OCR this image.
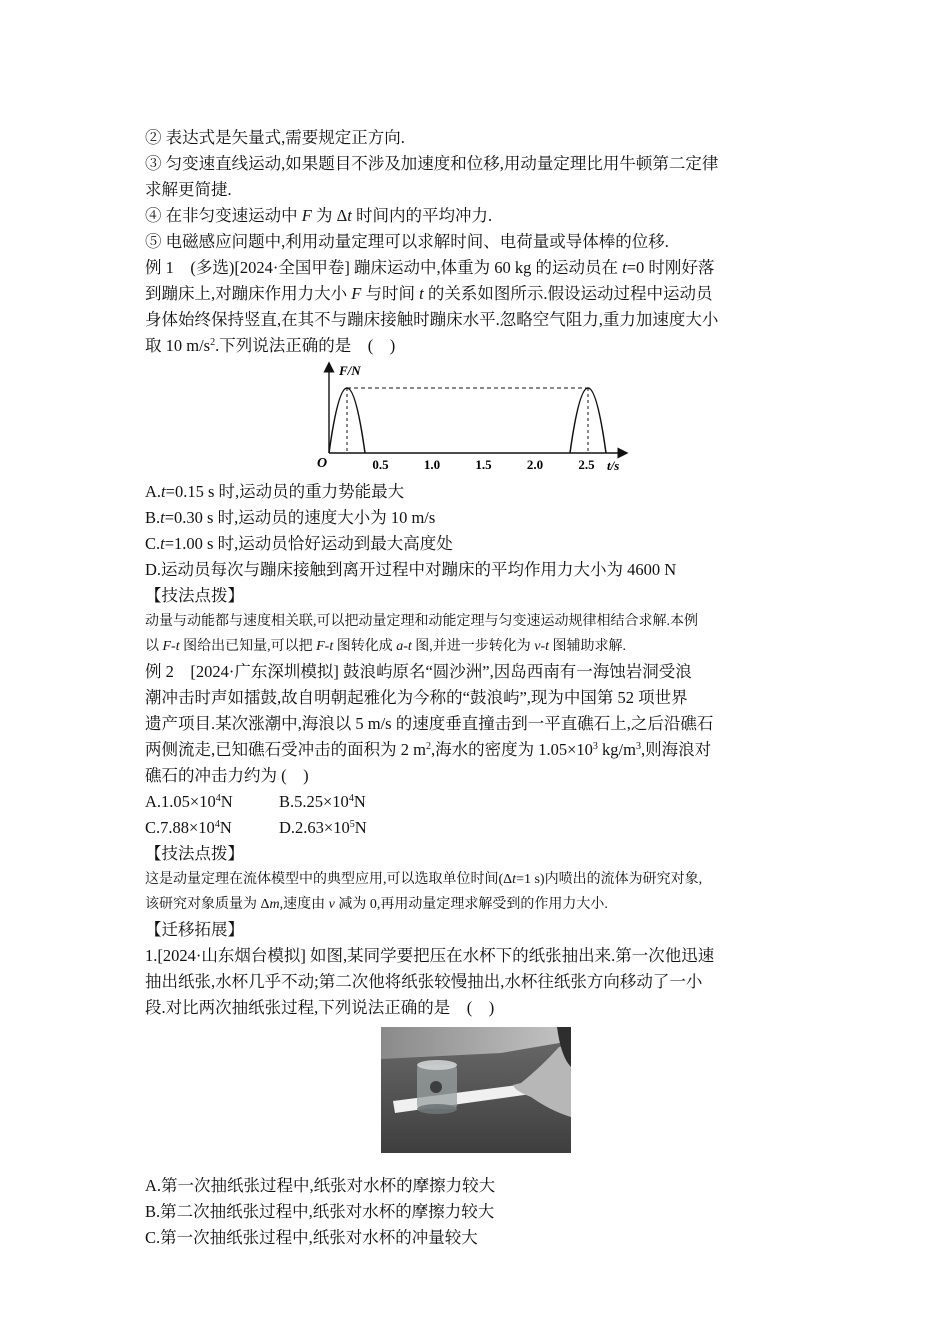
② 表达式是矢量式,需要规定正方向.

③ 匀变速直线运动,如果题目不涉及加速度和位移,用动量定理比用牛顿第二定律

求解更简捷.

④ 在非匀变速运动中 F 为 Δt 时间内的平均冲力.

⑤ 电磁感应问题中,利用动量定理可以求解时间、电荷量或导体棒的位移.

例 1　(多选)[2024·全国甲卷] 蹦床运动中,体重为 60 kg 的运动员在 t=0 时刚好落

到蹦床上,对蹦床作用力大小 F 与时间 t 的关系如图所示.假设运动过程中运动员

身体始终保持竖直,在其不与蹦床接触时蹦床水平.忽略空气阻力,重力加速度大小

取 10 $m/s^2$.下列说法正确的是　(　)

F/N
O	t/s
0.5	1.0	1.5	2.0	2.5

A.t=0.15 s 时,运动员的重力势能最大

B.t=0.30 s 时,运动员的速度大小为 10 m/s

C.t=1.00 s 时,运动员恰好运动到最大高度处

D.运动员每次与蹦床接触到离开过程中对蹦床的平均作用力大小为 4600 N

【技法点拨】

动量与动能都与速度相关联,可以把动量定理和动能定理与匀变速运动规律相结合求解.本例

以 F-t 图给出已知量,可以把 F-t 图转化成 a-t 图,并进一步转化为 v-t 图辅助求解.

例 2　[2024·广东深圳模拟] 鼓浪屿原名“圆沙洲”,因岛西南有一海蚀岩洞受浪

潮冲击时声如擂鼓,故自明朝起雅化为今称的“鼓浪屿”,现为中国第 52 项世界

遗产项目.某次涨潮中,海浪以 5 m/s 的速度垂直撞击到一平直礁石上,之后沿礁石

两侧流走,已知礁石受冲击的面积为 2 $m^2$,海水的密度为 $1.05\times 10^3$ $kg/m^3$,则海浪对

礁石的冲击力约为 (　)

$A.1.05\times 10^4N$	$B.5.25\times 10^4N$

$C.7.88\times 10^4N$	$D.2.63\times 10^5N$

【技法点拨】

这是动量定理在流体模型中的典型应用,可以选取单位时间(Δt=1 s)内喷出的流体为研究对象,

该研究对象质量为 Δm,速度由 v 减为 0,再用动量定理求解受到的作用力大小.

【迁移拓展】

1.[2024·山东烟台模拟] 如图,某同学要把压在水杯下的纸张抽出来.第一次他迅速

抽出纸张,水杯几乎不动;第二次他将纸张较慢抽出,水杯往纸张方向移动了一小

段.对比两次抽纸张过程,下列说法正确的是　(　)

A.第一次抽纸张过程中,纸张对水杯的摩擦力较大

B.第二次抽纸张过程中,纸张对水杯的摩擦力较大

C.第一次抽纸张过程中,纸张对水杯的冲量较大
